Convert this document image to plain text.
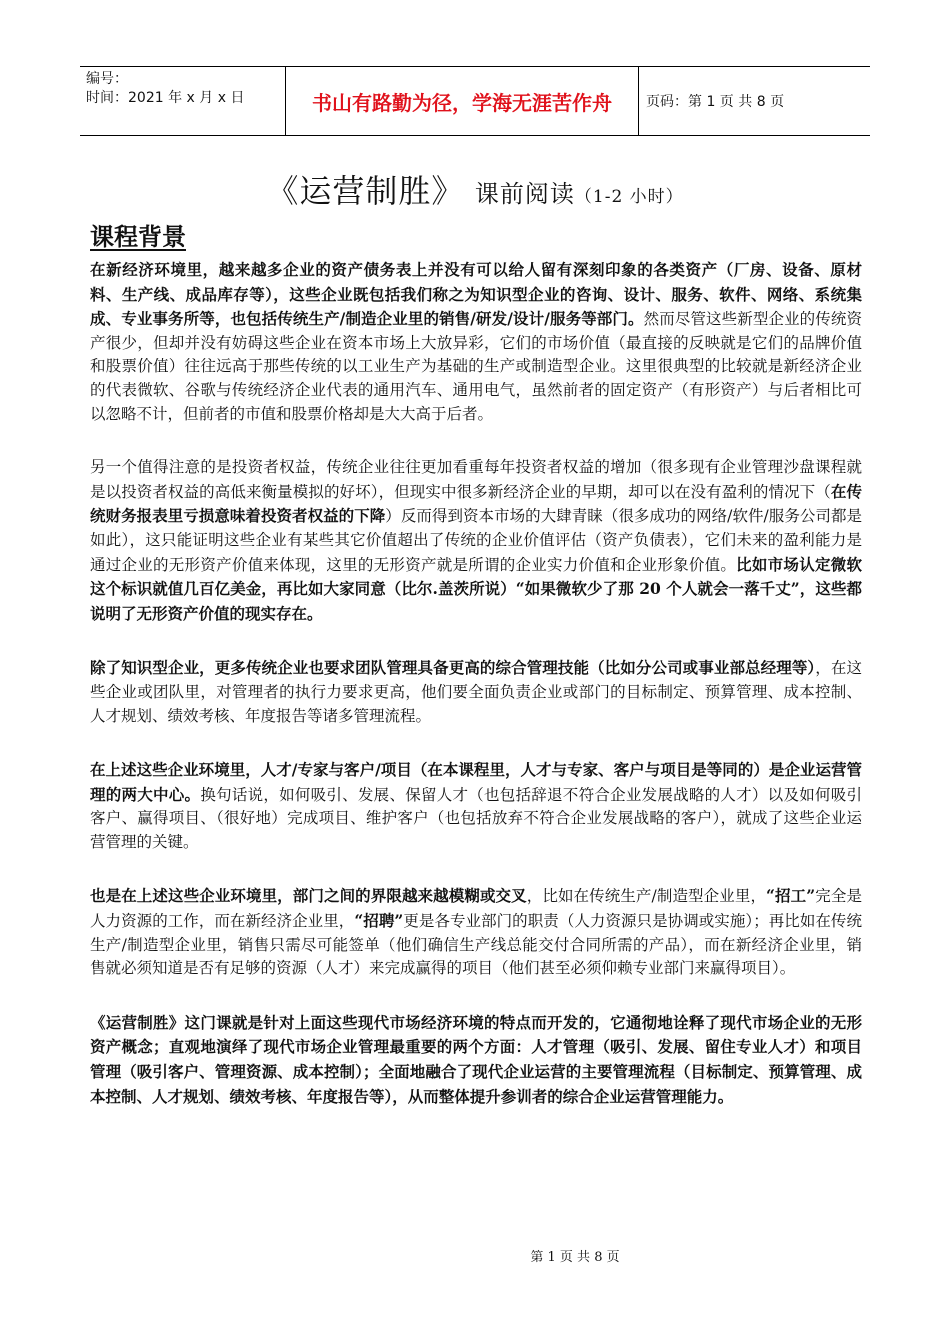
编号：
时间：2021 年 x 月 x 日	书山有路勤为径，学海无涯苦作舟	页码：第 1 页 共 8 页
《运营制胜》 课前阅读（1-2 小时）
课程背景

在新经济环境里，越来越多企业的资产债务表上并没有可以给人留有深刻印象的各类资产（厂房、设备、原材料、生产线、成品库存等），这些企业既包括我们称之为知识型企业的咨询、设计、服务、软件、网络、系统集成、专业事务所等，也包括传统生产/制造企业里的销售/研发/设计/服务等部门。然而尽管这些新型企业的传统资产很少，但却并没有妨碍这些企业在资本市场上大放异彩，它们的市场价值（最直接的反映就是它们的品牌价值和股票价值）往往远高于那些传统的以工业生产为基础的生产或制造型企业。这里很典型的比较就是新经济企业的代表微软、谷歌与传统经济企业代表的通用汽车、通用电气，虽然前者的固定资产（有形资产）与后者相比可以忽略不计，但前者的市值和股票价格却是大大高于后者。

另一个值得注意的是投资者权益，传统企业往往更加看重每年投资者权益的增加（很多现有企业管理沙盘课程就是以投资者权益的高低来衡量模拟的好坏），但现实中很多新经济企业的早期，却可以在没有盈利的情况下（在传统财务报表里亏损意味着投资者权益的下降）反而得到资本市场的大肆青睐（很多成功的网络/软件/服务公司都是如此），这只能证明这些企业有某些其它价值超出了传统的企业价值评估（资产负债表），它们未来的盈利能力是通过企业的无形资产价值来体现，这里的无形资产就是所谓的企业实力价值和企业形象价值。比如市场认定微软这个标识就值几百亿美金，再比如大家同意（比尔.盖茨所说）“如果微软少了那 20 个人就会一落千丈”，这些都说明了无形资产价值的现实存在。

除了知识型企业，更多传统企业也要求团队管理具备更高的综合管理技能（比如分公司或事业部总经理等），在这些企业或团队里，对管理者的执行力要求更高，他们要全面负责企业或部门的目标制定、预算管理、成本控制、人才规划、绩效考核、年度报告等诸多管理流程。

在上述这些企业环境里，人才/专家与客户/项目（在本课程里，人才与专家、客户与项目是等同的）是企业运营管理的两大中心。换句话说，如何吸引、发展、保留人才（也包括辞退不符合企业发展战略的人才）以及如何吸引客户、赢得项目、（很好地）完成项目、维护客户（也包括放弃不符合企业发展战略的客户），就成了这些企业运营管理的关键。

也是在上述这些企业环境里，部门之间的界限越来越模糊或交叉，比如在传统生产/制造型企业里，“招工”完全是人力资源的工作，而在新经济企业里，“招聘”更是各专业部门的职责（人力资源只是协调或实施）；再比如在传统生产/制造型企业里，销售只需尽可能签单（他们确信生产线总能交付合同所需的产品），而在新经济企业里，销售就必须知道是否有足够的资源（人才）来完成赢得的项目（他们甚至必须仰赖专业部门来赢得项目）。

《运营制胜》这门课就是针对上面这些现代市场经济环境的特点而开发的，它通彻地诠释了现代市场企业的无形资产概念；直观地演绎了现代市场企业管理最重要的两个方面：人才管理（吸引、发展、留住专业人才）和项目管理（吸引客户、管理资源、成本控制）；全面地融合了现代企业运营的主要管理流程（目标制定、预算管理、成本控制、人才规划、绩效考核、年度报告等），从而整体提升参训者的综合企业运营管理能力。

第 1 页 共 8 页
